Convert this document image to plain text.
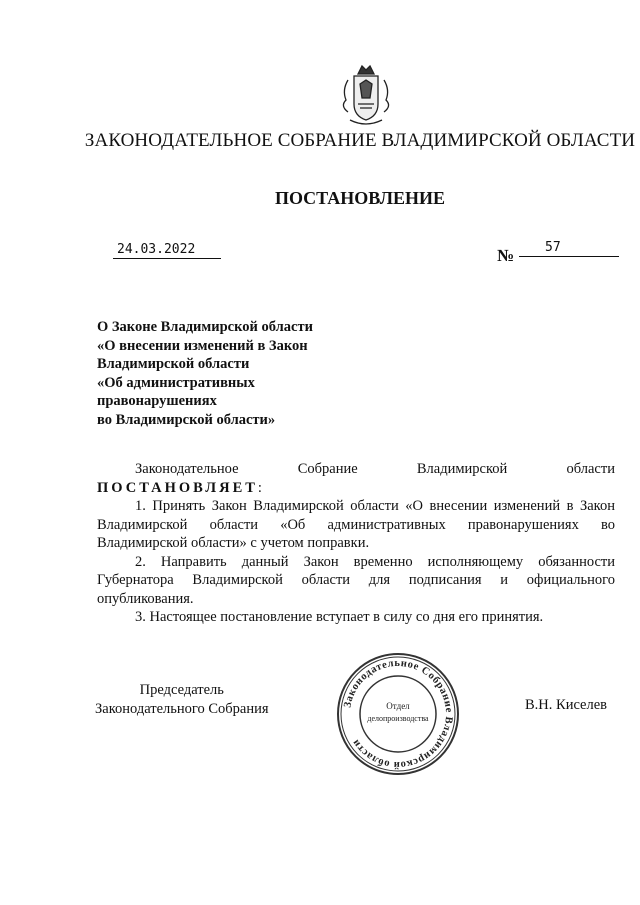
ЗАКОНОДАТЕЛЬНОЕ СОБРАНИЕ ВЛАДИМИРСКОЙ ОБЛАСТИ
ПОСТАНОВЛЕНИЕ
24.03.2022	№	57
О Законе Владимирской области
«О внесении изменений в Закон
Владимирской области
«Об административных
правонарушениях
во Владимирской области»
Законодательное	Собрание	Владимирской	области
ПОСТАНОВЛЯЕТ:
1. Принять Закон Владимирской области «О внесении изменений в Закон Владимирской области «Об административных правонарушениях во Владимирской области» с учетом поправки.
2. Направить данный Закон временно исполняющему обязанности Губернатора Владимирской области для подписания и официального опубликования.
3. Настоящее постановление вступает в силу со дня его принятия.
Председатель
Законодательного Собрания	Законодательное Собрание Владимирской области
Отдел
делопроизводства
В.Н. Киселев
